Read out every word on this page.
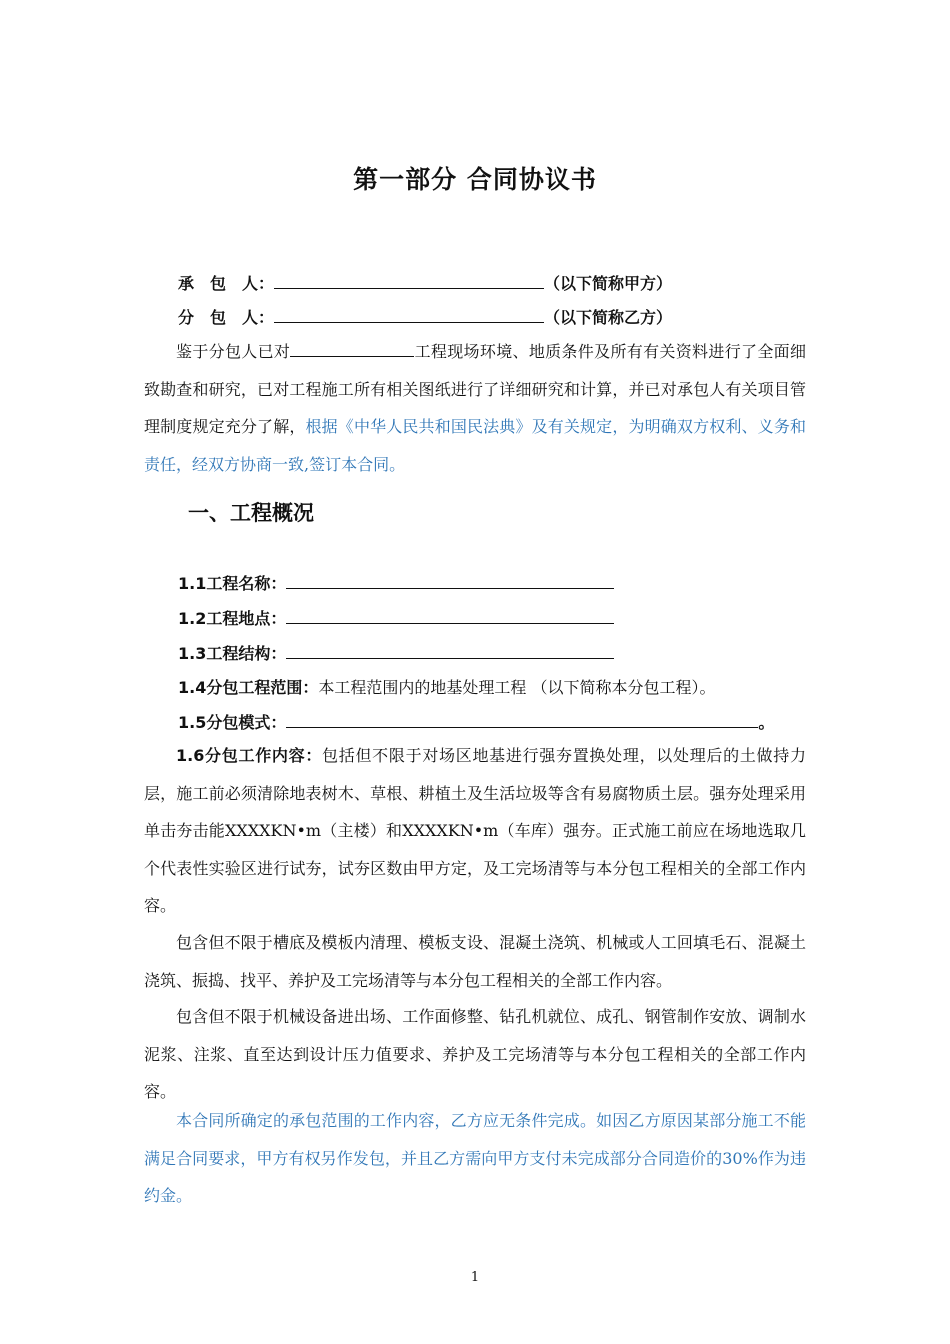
第一部分 合同协议书
承　包　人：	（以下简称甲方）
分　包　人：	（以下简称乙方）
鉴于分包人已对	工程现场环境、地质条件及所有有关资料进行了全面细致勘查和研究，已对工程施工所有相关图纸进行了详细研究和计算，并已对承包人有关项目管理制度规定充分了解，根据《中华人民共和国民法典》及有关规定，为明确双方权利、义务和责任，经双方协商一致,签订本合同。
一、工程概况
1.1工程名称：
1.2工程地点：
1.3工程结构：
1.4分包工程范围：本工程范围内的地基处理工程 （以下简称本分包工程）。
1.5分包模式：	。
1.6分包工作内容：包括但不限于对场区地基进行强夯置换处理，以处理后的土做持力层，施工前必须清除地表树木、草根、耕植土及生活垃圾等含有易腐物质土层。强夯处理采用单击夯击能XXXXKN•m（主楼）和XXXXKN•m（车库）强夯。正式施工前应在场地选取几个代表性实验区进行试夯，试夯区数由甲方定，及工完场清等与本分包工程相关的全部工作内容。
包含但不限于槽底及模板内清理、模板支设、混凝土浇筑、机械或人工回填毛石、混凝土浇筑、振捣、找平、养护及工完场清等与本分包工程相关的全部工作内容。
包含但不限于机械设备进出场、工作面修整、钻孔机就位、成孔、钢管制作安放、调制水泥浆、注浆、直至达到设计压力值要求、养护及工完场清等与本分包工程相关的全部工作内容。
本合同所确定的承包范围的工作内容，乙方应无条件完成。如因乙方原因某部分施工不能满足合同要求，甲方有权另作发包，并且乙方需向甲方支付未完成部分合同造价的30%作为违约金。
1
